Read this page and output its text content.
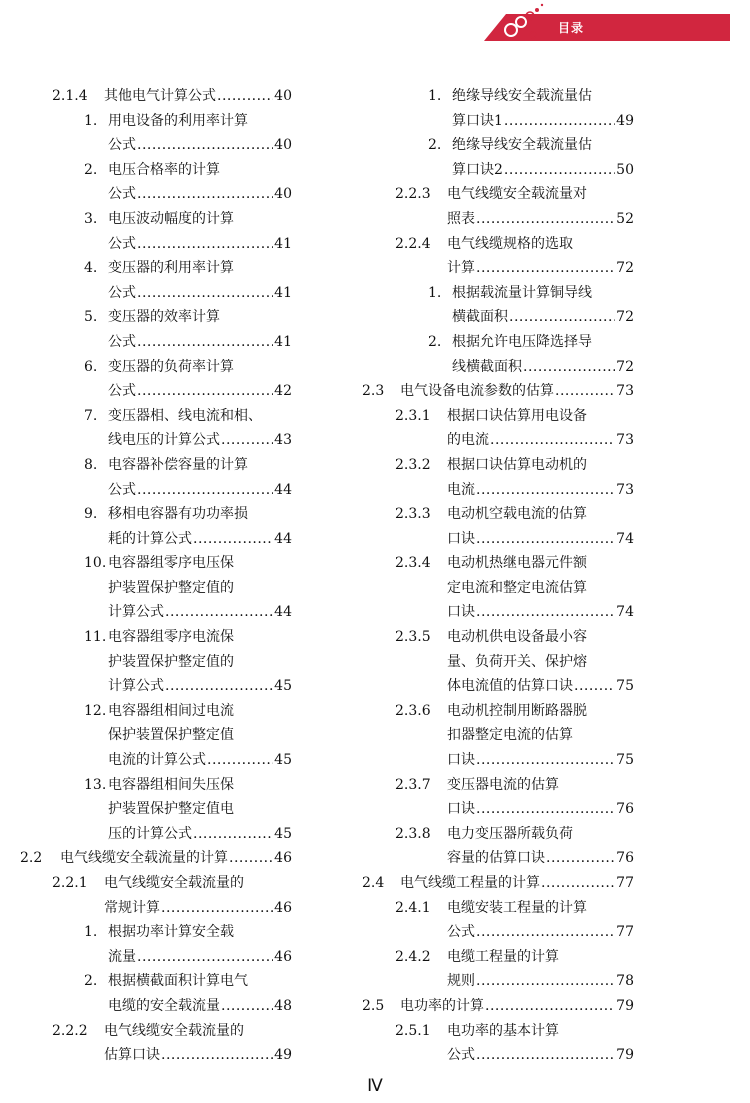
目录
2.1.4 其他电气计算公式 .....	40
1. 用电设备的利用率计算
公式 .....	40
2. 电压合格率的计算
公式 .....	40
3. 电压波动幅度的计算
公式 .....	41
4. 变压器的利用率计算
公式 .....	41
5. 变压器的效率计算
公式 .....	41
6. 变压器的负荷率计算
公式 .....	42
7. 变压器相、线电流和相、
线电压的计算公式 .....	43
8. 电容器补偿容量的计算
公式 .....	44
9. 移相电容器有功功率损
耗的计算公式 .....	44
10. 电容器组零序电压保
护装置保护整定值的
计算公式 .....	44
11. 电容器组零序电流保
护装置保护整定值的
计算公式 .....	45
12. 电容器组相间过电流
保护装置保护整定值
电流的计算公式 .....	45
13. 电容器组相间失压保
护装置保护整定值电
压的计算公式 .....	45
2.2 电气线缆安全载流量的计算 .....	46
2.2.1 电气线缆安全载流量的
常规计算 .....	46
1. 根据功率计算安全载
流量 .....	46
2. 根据横截面积计算电气
电缆的安全载流量 .....	48
2.2.2 电气线缆安全载流量的
估算口诀 .....	49
1. 绝缘导线安全载流量估
算口诀1 .....	49
2. 绝缘导线安全载流量估
算口诀2 .....	50
2.2.3 电气线缆安全载流量对
照表 .....	52
2.2.4 电气线缆规格的选取
计算 .....	72
1. 根据载流量计算铜导线
横截面积 .....	72
2. 根据允许电压降选择导
线横截面积 .....	72
2.3 电气设备电流参数的估算 .....	73
2.3.1 根据口诀估算用电设备
的电流 .....	73
2.3.2 根据口诀估算电动机的
电流 .....	73
2.3.3 电动机空载电流的估算
口诀 .....	74
2.3.4 电动机热继电器元件额
定电流和整定电流估算
口诀 .....	74
2.3.5 电动机供电设备最小容
量、负荷开关、保护熔
体电流值的估算口诀 .....	75
2.3.6 电动机控制用断路器脱
扣器整定电流的估算
口诀 .....	75
2.3.7 变压器电流的估算
口诀 .....	76
2.3.8 电力变压器所载负荷
容量的估算口诀 .....	76
2.4 电气线缆工程量的计算 .....	77
2.4.1 电缆安装工程量的计算
公式 .....	77
2.4.2 电缆工程量的计算
规则 .....	78
2.5 电功率的计算 .....	79
2.5.1 电功率的基本计算
公式 .....	79
Ⅳ
